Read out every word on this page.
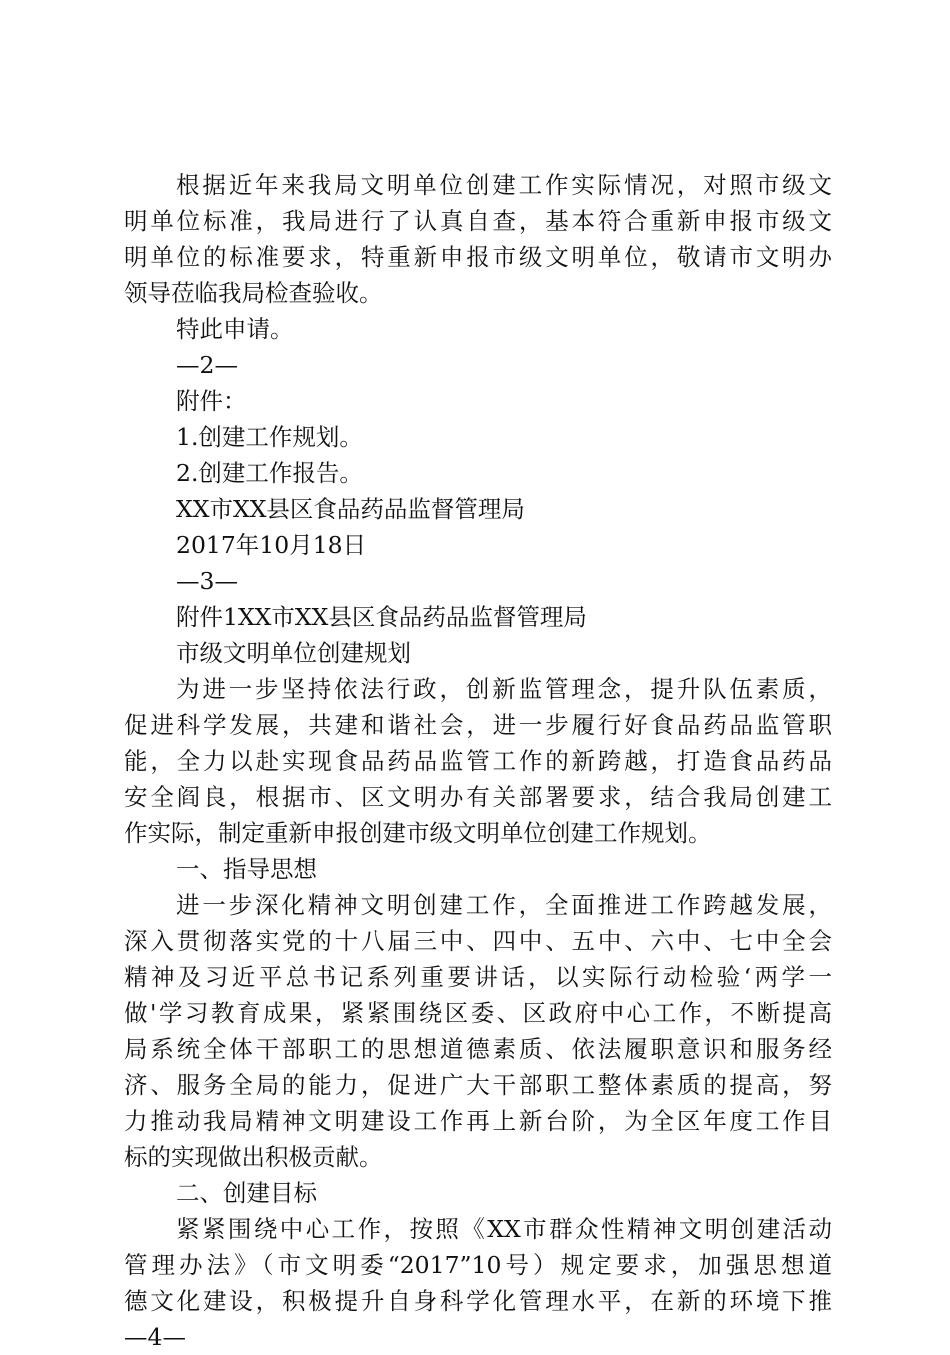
根据近年来我局文明单位创建工作实际情况，对照市级文
明单位标准，我局进行了认真自查，基本符合重新申报市级文
明单位的标准要求，特重新申报市级文明单位，敬请市文明办
领导莅临我局检查验收。
特此申请。
—2—
附件：
1.创建工作规划。
2.创建工作报告。
XX市XX县区食品药品监督管理局
2017年10月18日
—3—
附件1XX市XX县区食品药品监督管理局
市级文明单位创建规划
为进一步坚持依法行政，创新监管理念，提升队伍素质，
促进科学发展，共建和谐社会，进一步履行好食品药品监管职
能，全力以赴实现食品药品监管工作的新跨越，打造食品药品
安全阎良，根据市、区文明办有关部署要求，结合我局创建工
作实际，制定重新申报创建市级文明单位创建工作规划。
一、指导思想
进一步深化精神文明创建工作，全面推进工作跨越发展，
深入贯彻落实党的十八届三中、四中、五中、六中、七中全会
精神及习近平总书记系列重要讲话，以实际行动检验‘两学一
做'学习教育成果，紧紧围绕区委、区政府中心工作，不断提高
局系统全体干部职工的思想道德素质、依法履职意识和服务经
济、服务全局的能力，促进广大干部职工整体素质的提高，努
力推动我局精神文明建设工作再上新台阶，为全区年度工作目
标的实现做出积极贡献。
二、创建目标
紧紧围绕中心工作，按照《XX市群众性精神文明创建活动
管理办法》（市文明委“2017”10号）规定要求，加强思想道
德文化建设，积极提升自身科学化管理水平，在新的环境下推
—4—
